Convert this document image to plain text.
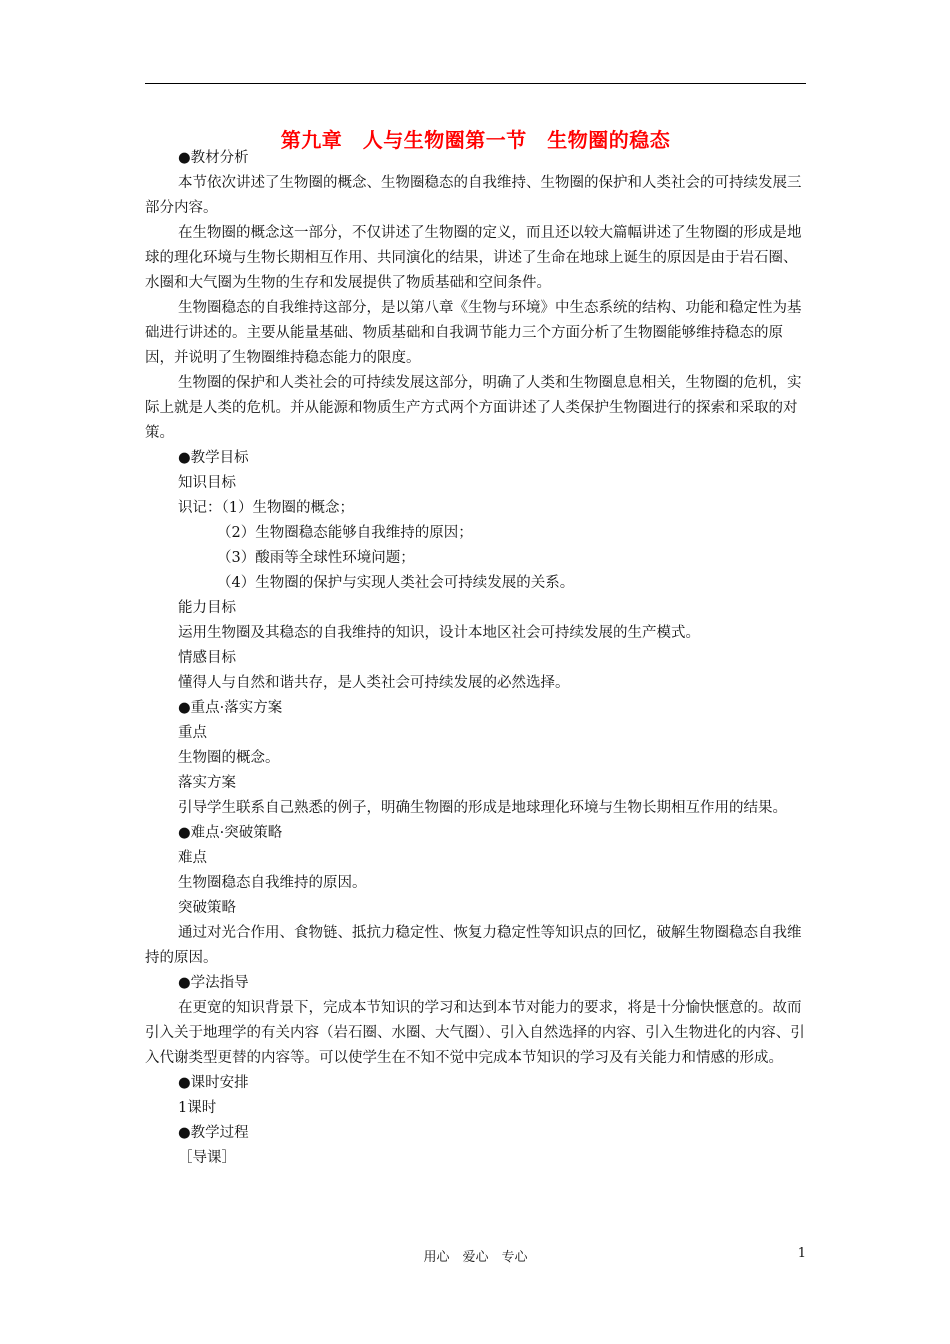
第九章　人与生物圈第一节　生物圈的稳态

●教材分析

本节依次讲述了生物圈的概念、生物圈稳态的自我维持、生物圈的保护和人类社会的可持续发展三部分内容。

在生物圈的概念这一部分，不仅讲述了生物圈的定义，而且还以较大篇幅讲述了生物圈的形成是地球的理化环境与生物长期相互作用、共同演化的结果，讲述了生命在地球上诞生的原因是由于岩石圈、水圈和大气圈为生物的生存和发展提供了物质基础和空间条件。

生物圈稳态的自我维持这部分，是以第八章《生物与环境》中生态系统的结构、功能和稳定性为基础进行讲述的。主要从能量基础、物质基础和自我调节能力三个方面分析了生物圈能够维持稳态的原因，并说明了生物圈维持稳态能力的限度。

生物圈的保护和人类社会的可持续发展这部分，明确了人类和生物圈息息相关，生物圈的危机，实际上就是人类的危机。并从能源和物质生产方式两个方面讲述了人类保护生物圈进行的探索和采取的对策。

●教学目标

知识目标

识记：（1）生物圈的概念；

（2）生物圈稳态能够自我维持的原因；

（3）酸雨等全球性环境问题；

（4）生物圈的保护与实现人类社会可持续发展的关系。

能力目标

运用生物圈及其稳态的自我维持的知识，设计本地区社会可持续发展的生产模式。

情感目标

懂得人与自然和谐共存，是人类社会可持续发展的必然选择。

●重点·落实方案

重点

生物圈的概念。

落实方案

引导学生联系自己熟悉的例子，明确生物圈的形成是地球理化环境与生物长期相互作用的结果。

●难点·突破策略

难点

生物圈稳态自我维持的原因。

突破策略

通过对光合作用、食物链、抵抗力稳定性、恢复力稳定性等知识点的回忆，破解生物圈稳态自我维持的原因。

●学法指导

在更宽的知识背景下，完成本节知识的学习和达到本节对能力的要求，将是十分愉快惬意的。故而引入关于地理学的有关内容（岩石圈、水圈、大气圈）、引入自然选择的内容、引入生物进化的内容、引入代谢类型更替的内容等。可以使学生在不知不觉中完成本节知识的学习及有关能力和情感的形成。

●课时安排

1课时

●教学过程

［导课］

用心　爱心　专心	1
